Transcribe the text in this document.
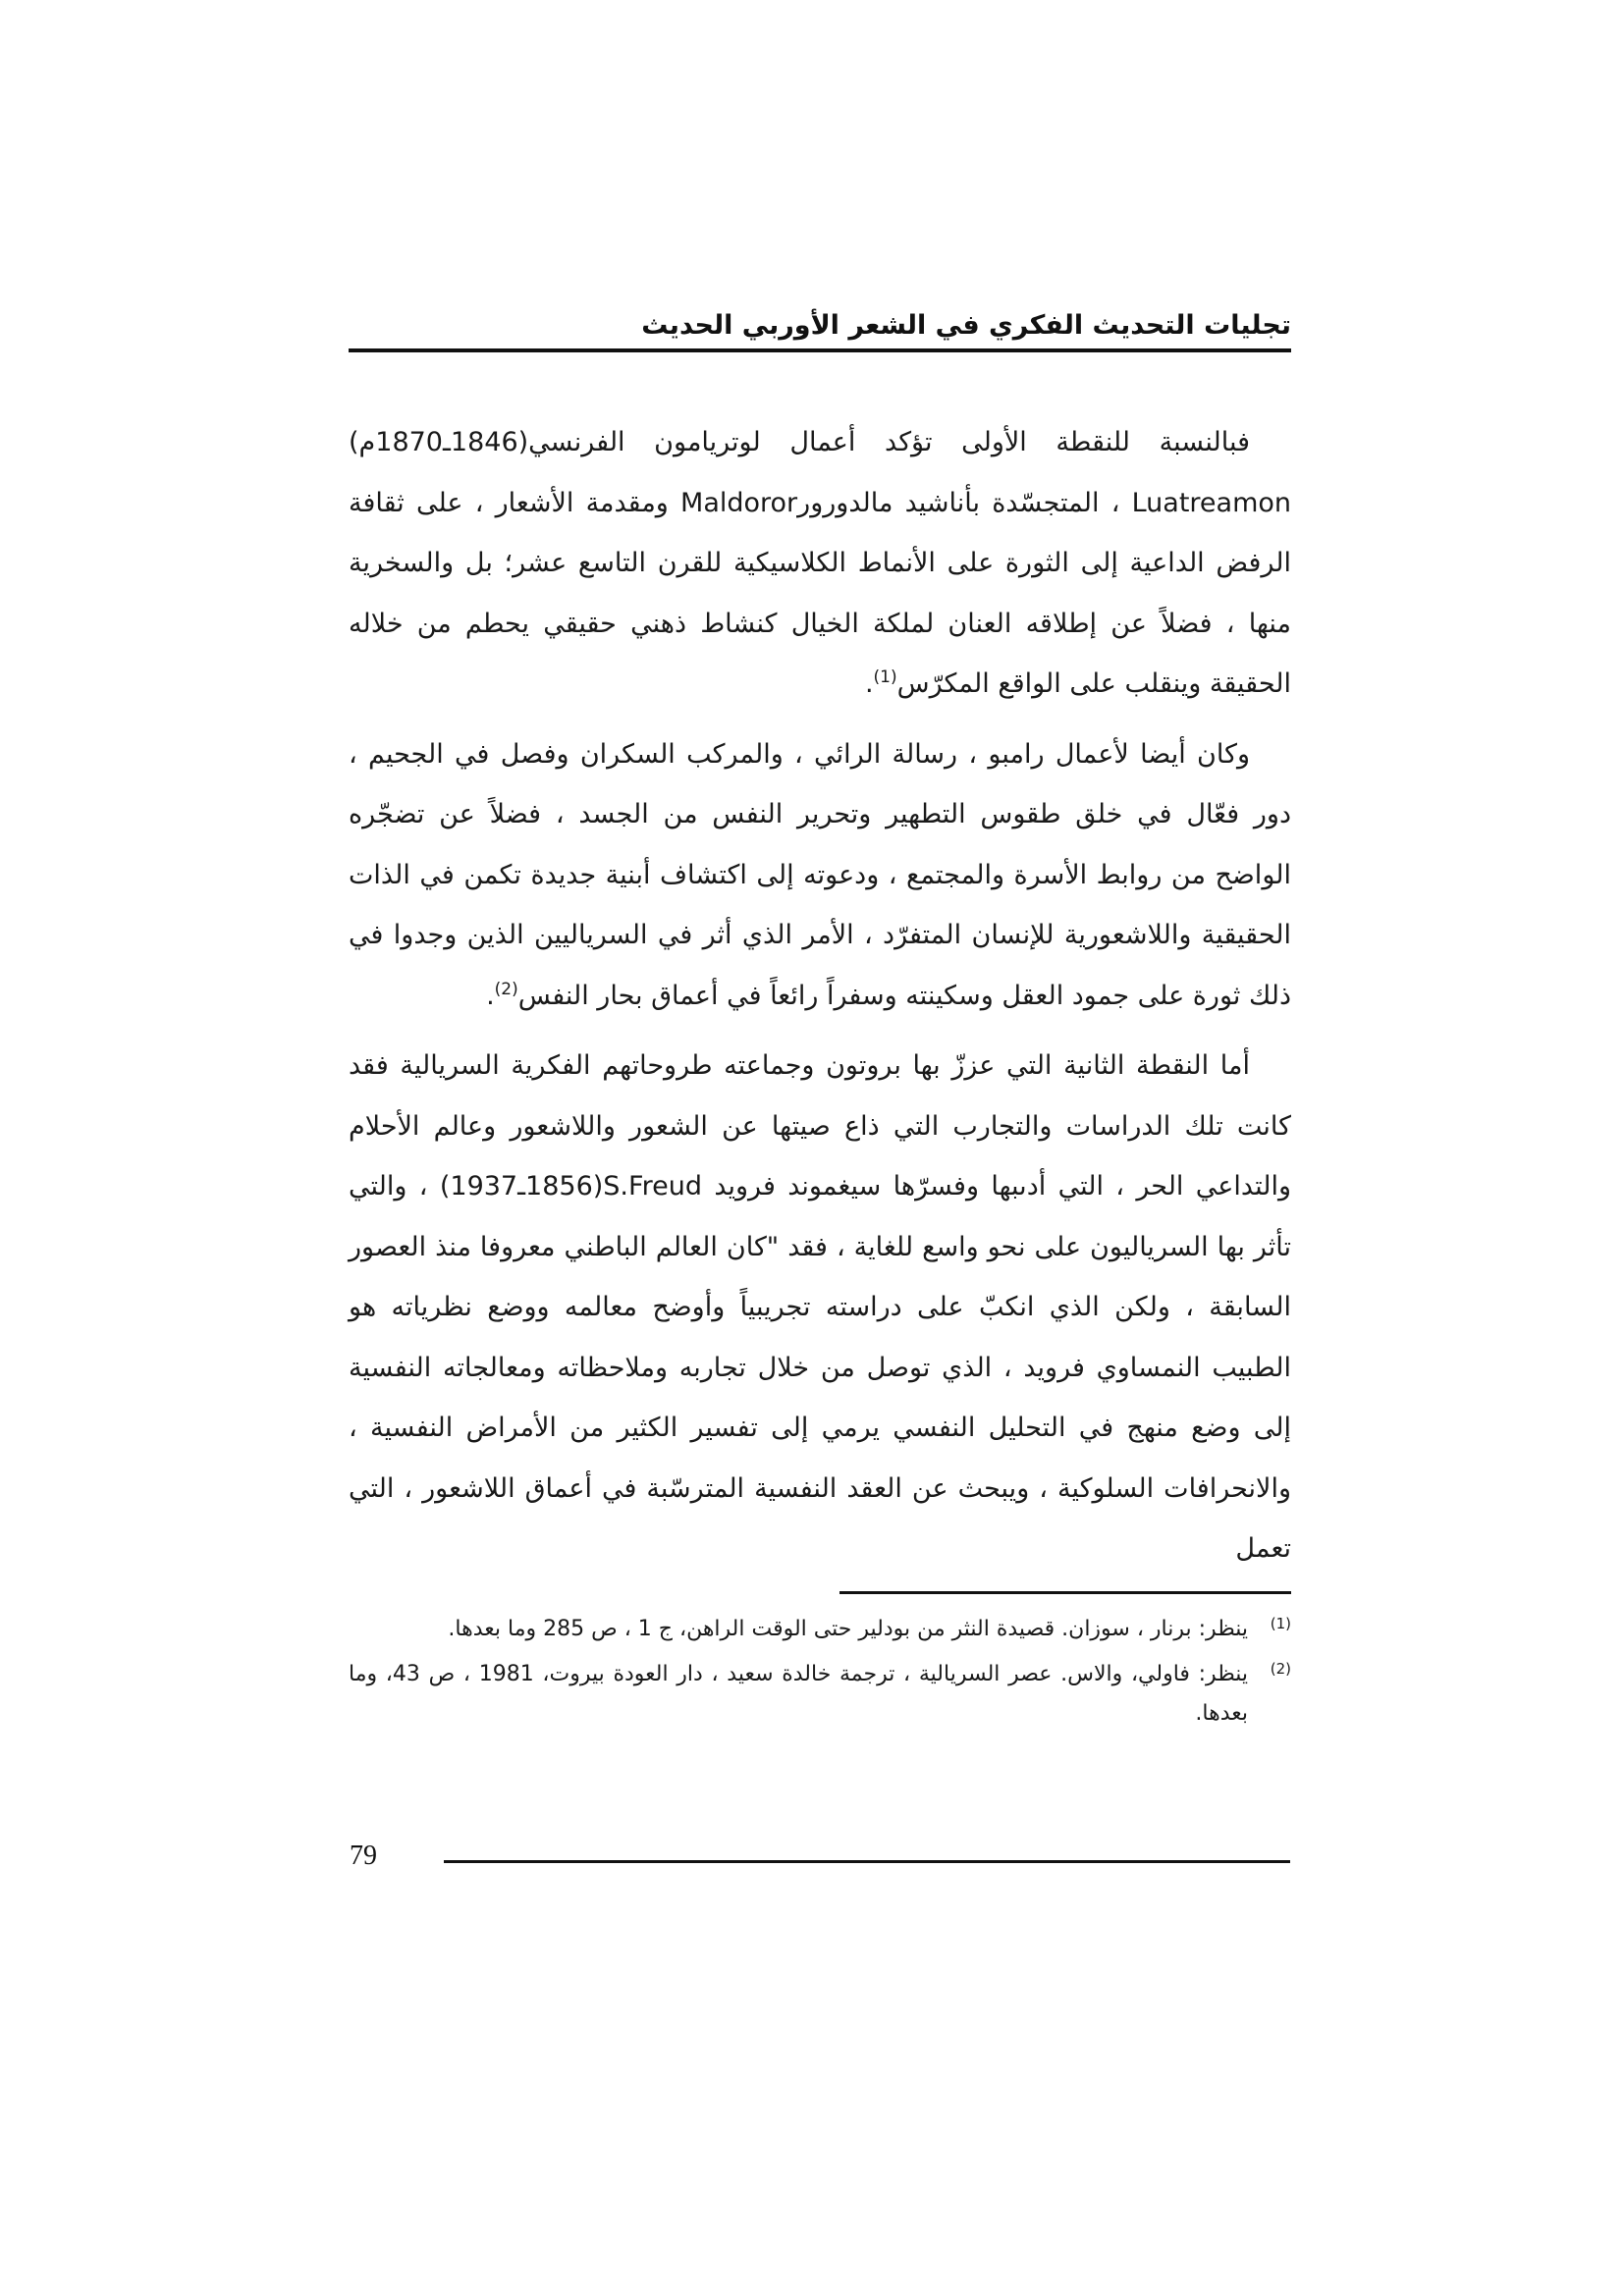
تجليات التحديث الفكري في الشعر الأوربي الحديث

فبالنسبة للنقطة الأولى تؤكد أعمال لوتريامون الفرنسي(1846ـ1870م) Luatreamon ، المتجسّدة بأناشيد مالدورورMaldoror ومقدمة الأشعار ، على ثقافة الرفض الداعية إلى الثورة على الأنماط الكلاسيكية للقرن التاسع عشر؛ بل والسخرية منها ، فضلاً عن إطلاقه العنان لملكة الخيال كنشاط ذهني حقيقي يحطم من خلاله الحقيقة وينقلب على الواقع المكرّس$^{(1)}$.

وكان أيضا لأعمال رامبو ، رسالة الرائي ، والمركب السكران وفصل في الجحيم ، دور فعّال في خلق طقوس التطهير وتحرير النفس من الجسد ، فضلاً عن تضجّره الواضح من روابط الأسرة والمجتمع ، ودعوته إلى اكتشاف أبنية جديدة تكمن في الذات الحقيقية واللاشعورية للإنسان المتفرّد ، الأمر الذي أثر في السرياليين الذين وجدوا في ذلك ثورة على جمود العقل وسكينته وسفراً رائعاً في أعماق بحار النفس$^{(2)}$.

أما النقطة الثانية التي عززّ بها بروتون وجماعته طروحاتهم الفكرية السريالية فقد كانت تلك الدراسات والتجارب التي ذاع صيتها عن الشعور واللاشعور وعالم الأحلام والتداعي الحر ، التي أدىبها وفسرّها سيغموند فرويد S.Freud(1856ـ1937) ، والتي تأثر بها السرياليون على نحو واسع للغاية ، فقد "كان العالم الباطني معروفا منذ العصور السابقة ، ولكن الذي انكبّ على دراسته تجريبياً وأوضح معالمه ووضع نظرياته هو الطبيب النمساوي فرويد ، الذي توصل من خلال تجاربه وملاحظاته ومعالجاته النفسية إلى وضع منهج في التحليل النفسي يرمي إلى تفسير الكثير من الأمراض النفسية ، والانحرافات السلوكية ، ويبحث عن العقد النفسية المترسّبة في أعماق اللاشعور ، التي تعمل

(1)
ينظر: برنار ، سوزان. قصيدة النثر من بودلير حتى الوقت الراهن، ج 1 ، ص 285 وما بعدها.
(2)
ينظر: فاولي، والاس. عصر السريالية ، ترجمة خالدة سعيد ، دار العودة بيروت، 1981 ، ص 43، وما بعدها.
79
